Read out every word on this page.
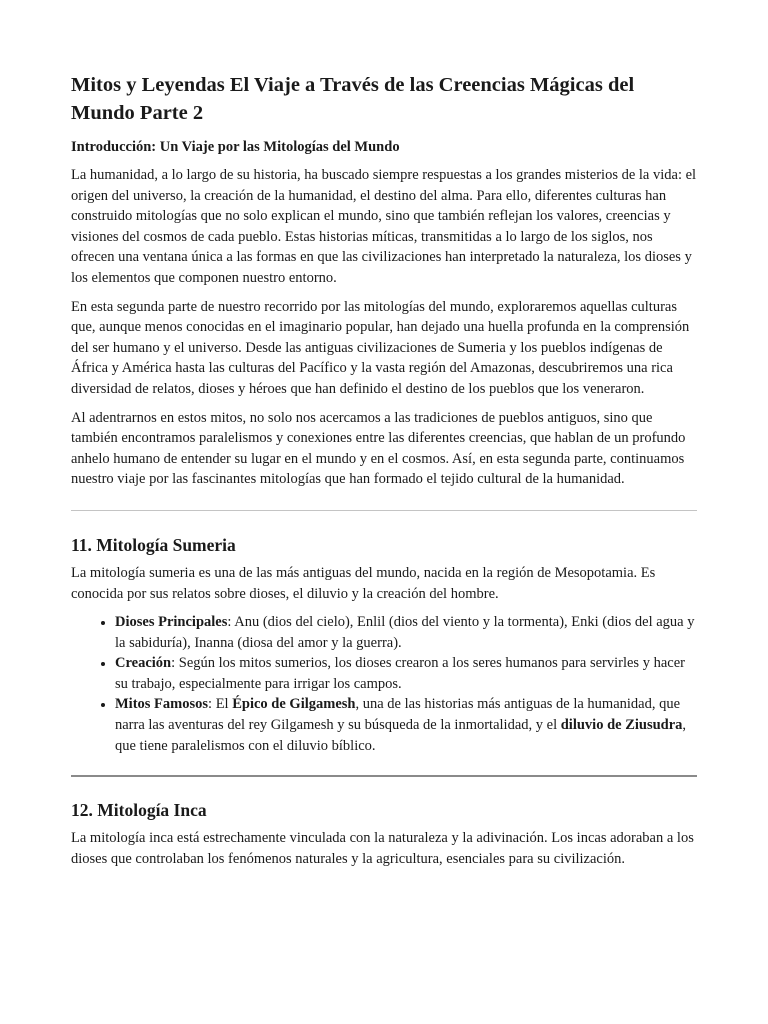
Mitos y Leyendas El Viaje a Través de las Creencias Mágicas del Mundo Parte 2
Introducción: Un Viaje por las Mitologías del Mundo

La humanidad, a lo largo de su historia, ha buscado siempre respuestas a los grandes misterios de la vida: el origen del universo, la creación de la humanidad, el destino del alma. Para ello, diferentes culturas han construido mitologías que no solo explican el mundo, sino que también reflejan los valores, creencias y visiones del cosmos de cada pueblo. Estas historias míticas, transmitidas a lo largo de los siglos, nos ofrecen una ventana única a las formas en que las civilizaciones han interpretado la naturaleza, los dioses y los elementos que componen nuestro entorno.

En esta segunda parte de nuestro recorrido por las mitologías del mundo, exploraremos aquellas culturas que, aunque menos conocidas en el imaginario popular, han dejado una huella profunda en la comprensión del ser humano y el universo. Desde las antiguas civilizaciones de Sumeria y los pueblos indígenas de África y América hasta las culturas del Pacífico y la vasta región del Amazonas, descubriremos una rica diversidad de relatos, dioses y héroes que han definido el destino de los pueblos que los veneraron.

Al adentrarnos en estos mitos, no solo nos acercamos a las tradiciones de pueblos antiguos, sino que también encontramos paralelismos y conexiones entre las diferentes creencias, que hablan de un profundo anhelo humano de entender su lugar en el mundo y en el cosmos. Así, en esta segunda parte, continuamos nuestro viaje por las fascinantes mitologías que han formado el tejido cultural de la humanidad.

11. Mitología Sumeria

La mitología sumeria es una de las más antiguas del mundo, nacida en la región de Mesopotamia. Es conocida por sus relatos sobre dioses, el diluvio y la creación del hombre.

• Dioses Principales: Anu (dios del cielo), Enlil (dios del viento y la tormenta), Enki (dios del agua y la sabiduría), Inanna (diosa del amor y la guerra).
• Creación: Según los mitos sumerios, los dioses crearon a los seres humanos para servirles y hacer su trabajo, especialmente para irrigar los campos.
• Mitos Famosos: El Épico de Gilgamesh, una de las historias más antiguas de la humanidad, que narra las aventuras del rey Gilgamesh y su búsqueda de la inmortalidad, y el diluvio de Ziusudra, que tiene paralelismos con el diluvio bíblico.
12. Mitología Inca

La mitología inca está estrechamente vinculada con la naturaleza y la adivinación. Los incas adoraban a los dioses que controlaban los fenómenos naturales y la agricultura, esenciales para su civilización.
